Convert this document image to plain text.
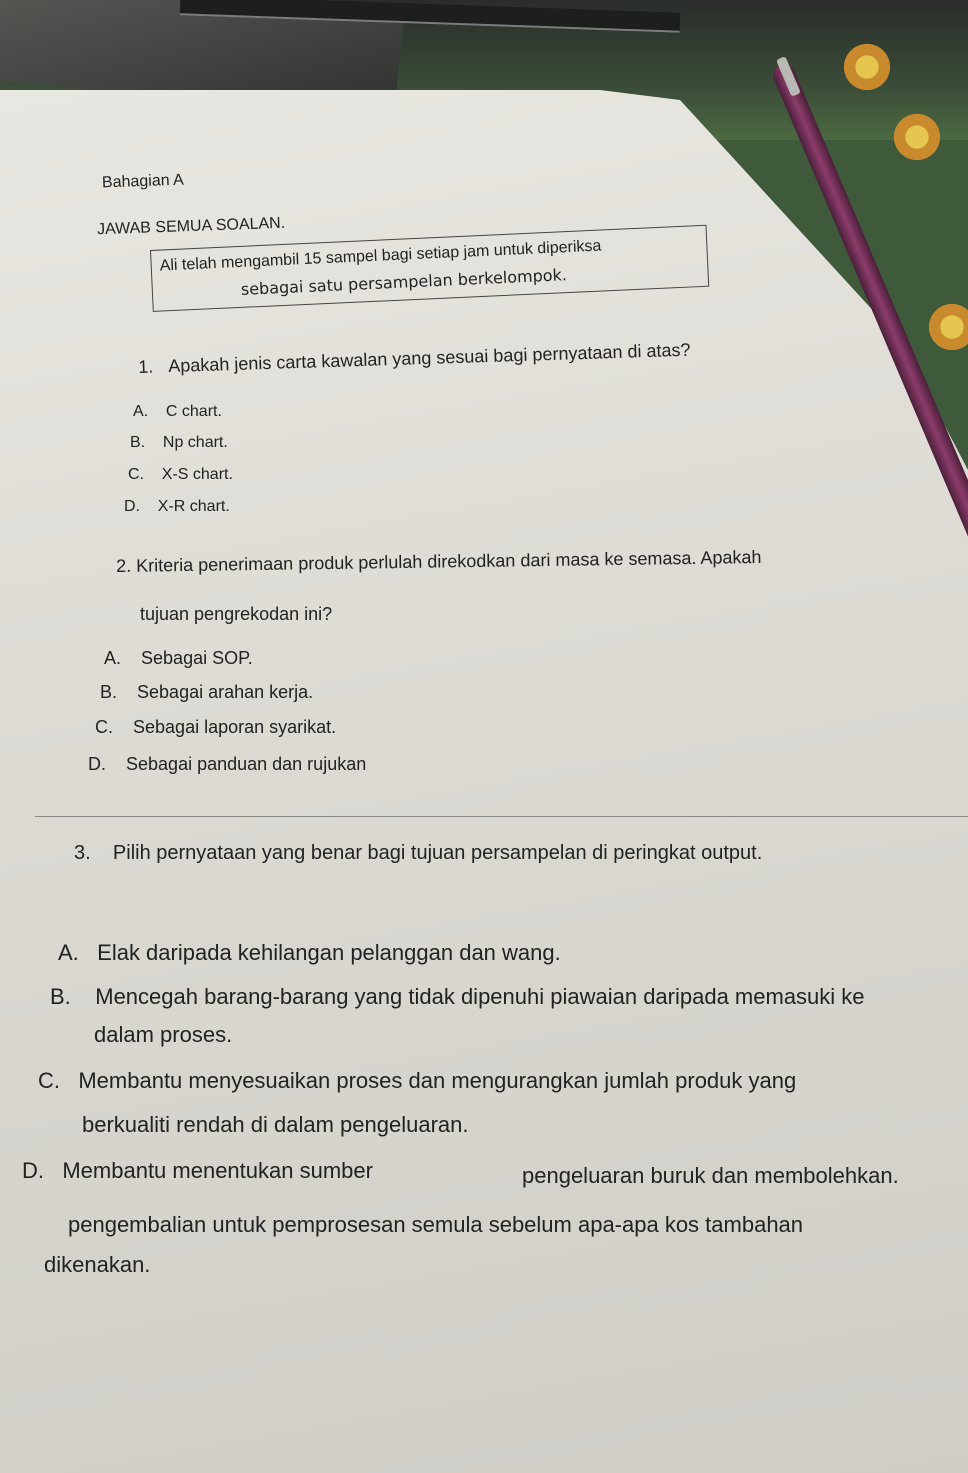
Bahagian A
JAWAB SEMUA SOALAN.
Ali telah mengambil 15 sampel bagi setiap jam untuk diperiksa
sebagai satu persampelan berkelompok.
1. Apakah jenis carta kawalan yang sesuai bagi pernyataan di atas?
A. C chart.
B. Np chart.
C. X-S chart.
D. X-R chart.
2. Kriteria penerimaan produk perlulah direkodkan dari masa ke semasa. Apakah
tujuan pengrekodan ini?
A. Sebagai SOP.
B. Sebagai arahan kerja.
C. Sebagai laporan syarikat.
D. Sebagai panduan dan rujukan
3. Pilih pernyataan yang benar bagi tujuan persampelan di peringkat output.
A. Elak daripada kehilangan pelanggan dan wang.
B. Mencegah barang-barang yang tidak dipenuhi piawaian daripada memasuki ke
dalam proses.
C. Membantu menyesuaikan proses dan mengurangkan jumlah produk yang
berkualiti rendah di dalam pengeluaran.
D. Membantu menentukan sumber	pengeluaran buruk dan membolehkan.
pengembalian untuk pemprosesan semula sebelum apa-apa kos tambahan
dikenakan.
